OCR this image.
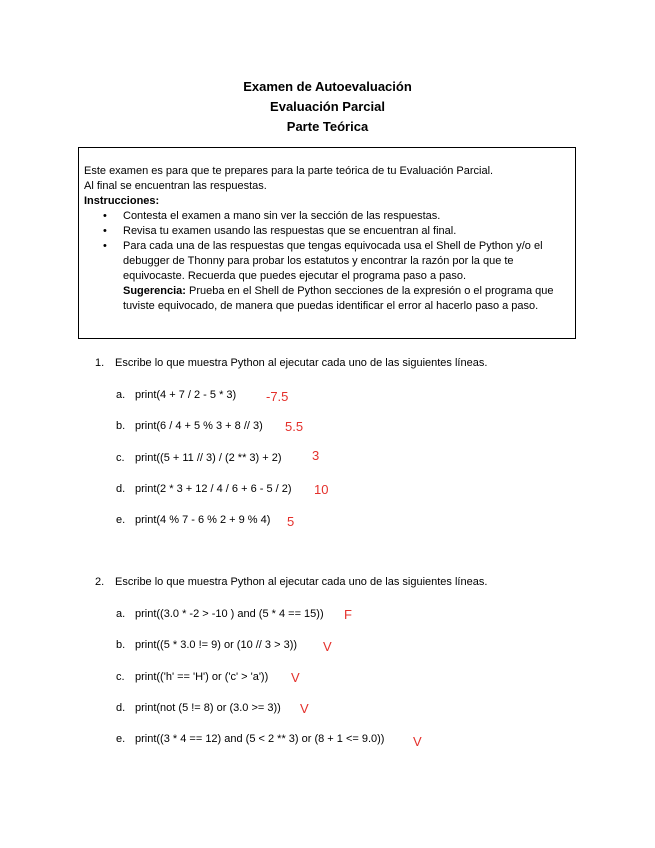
Examen de Autoevaluación
Evaluación Parcial
Parte Teórica
Este examen es para que te prepares para la parte teórica de tu Evaluación Parcial.
Al final se encuentran las respuestas.
Instrucciones:
• Contesta el examen a mano sin ver la sección de las respuestas.
• Revisa tu examen usando las respuestas que se encuentran al final.
• Para cada una de las respuestas que tengas equivocada usa el Shell de Python y/o el debugger de Thonny para probar los estatutos y encontrar la razón por la que te equivocaste. Recuerda que puedes ejecutar el programa paso a paso.
Sugerencia: Prueba en el Shell de Python secciones de la expresión o el programa que tuviste equivocado, de manera que puedas identificar el error al hacerlo paso a paso.
1. Escribe lo que muestra Python al ejecutar cada uno de las siguientes líneas.
a. print(4 + 7 / 2 - 5 * 3) -7.5
b. print(6 / 4 + 5 % 3 + 8 // 3) 5.5
c. print((5 + 11 // 3) / (2 ** 3) + 2) 3
d. print(2 * 3 + 12 / 4 / 6 + 6 - 5 / 2) 10
e. print(4 % 7 - 6 % 2 + 9 % 4) 5
2. Escribe lo que muestra Python al ejecutar cada uno de las siguientes líneas.
a. print((3.0 * -2 > -10 ) and (5 * 4 == 15)) F
b. print((5 * 3.0 != 9) or (10 // 3 > 3)) V
c. print(('h' == 'H') or ('c' > 'a')) V
d. print(not (5 != 8) or (3.0 >= 3)) V
e. print((3 * 4 == 12) and (5 < 2 ** 3) or (8 + 1 <= 9.0)) V
